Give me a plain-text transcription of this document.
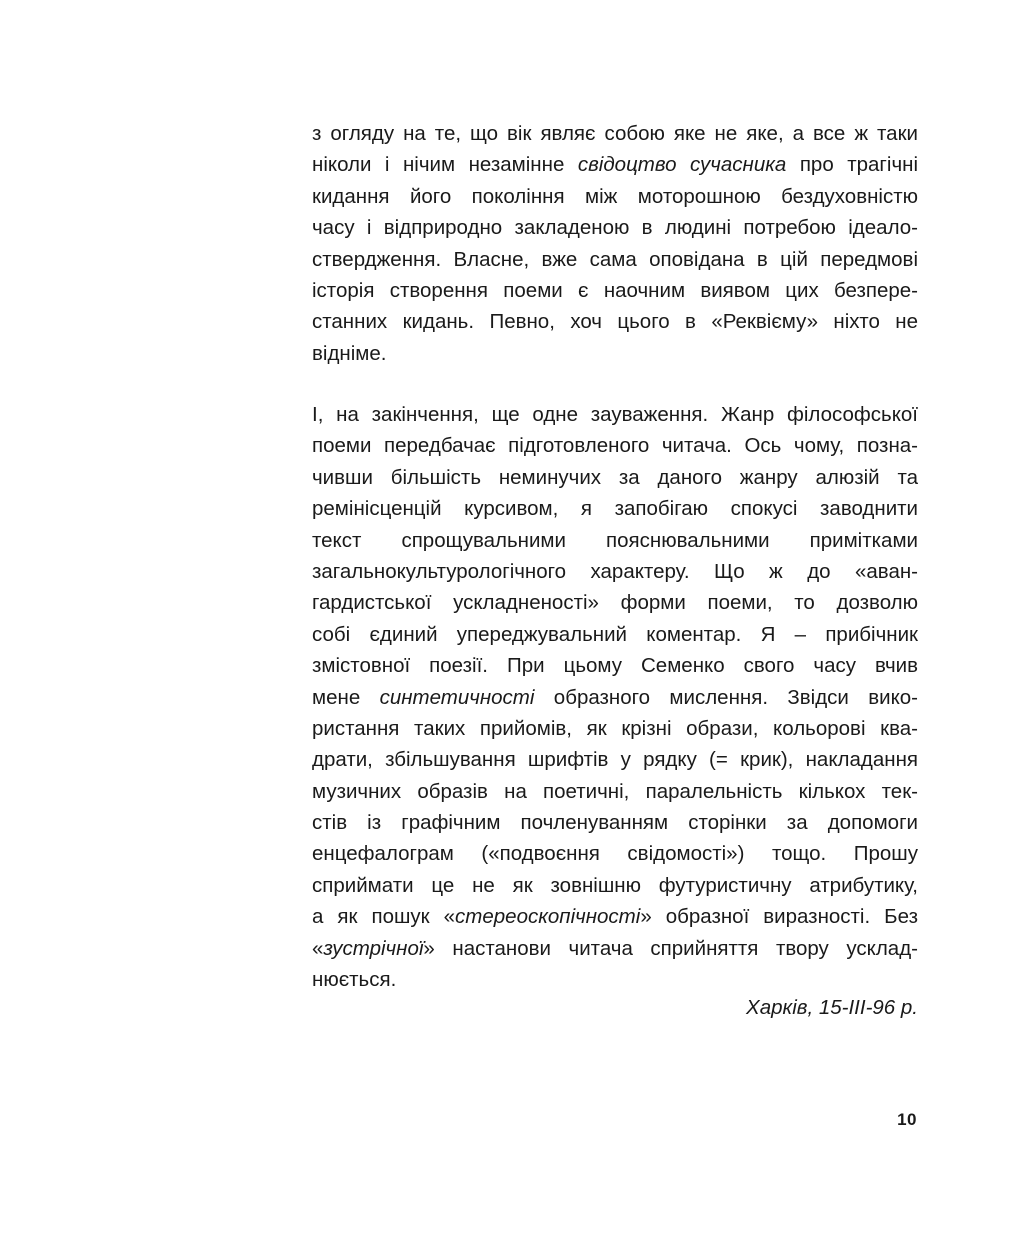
з огляду на те, що вік являє собою яке не яке, а все ж таки
ніколи і нічим незамінне свідоцтво сучасника про трагічні
кидання його покоління між моторошною бездуховністю
часу і відприродно закладеною в людині потребою ідеало-
ствердження. Власне, вже сама оповідана в цій передмові
історія створення поеми є наочним виявом цих безпере-
станних кидань. Певно, хоч цього в «Реквієму» ніхто не
відніме.
І, на закінчення, ще одне зауваження. Жанр філософської
поеми передбачає підготовленого читача. Ось чому, позна-
чивши більшість неминучих за даного жанру алюзій та
ремінісценцій курсивом, я запобігаю спокусі заводнити
текст спрощувальними пояснювальними примітками
загальнокультурологічного характеру. Що ж до «аван-
гардистської ускладненості» форми поеми, то дозволю
собі єдиний упереджувальний коментар. Я – прибічник
змістовної поезії. При цьому Семенко свого часу вчив
мене синтетичності образного мислення. Звідси вико-
ристання таких прийомів, як крізні образи, кольорові ква-
драти, збільшування шрифтів у рядку (= крик), накладання
музичних образів на поетичні, паралельність кількох тек-
стів із графічним почленуванням сторінки за допомоги
енцефалограм («подвоєння свідомості») тощо. Прошу
сприймати це не як зовнішню футуристичну атрибутику,
а як пошук «стереоскопічності» образної виразності. Без
«зустрічної» настанови читача сприйняття твору усклад-
нюється.
Харків, 15-ІІІ-96 р.
10
